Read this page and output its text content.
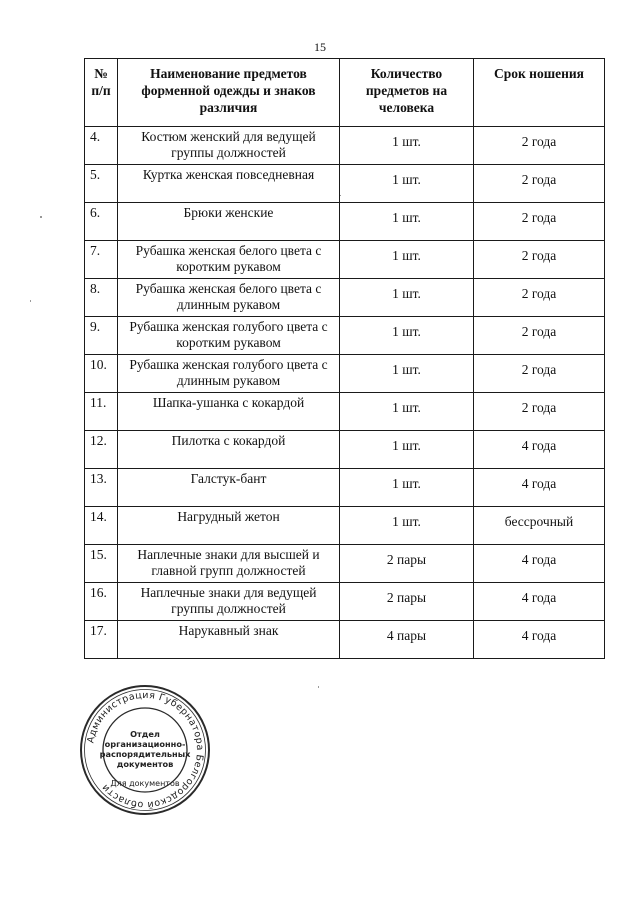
15
№ п/п	Наименование предметов форменной одежды и знаков различия	Количество предметов на человека	Срок ношения
4.	Костюм женский для ведущей группы должностей	1 шт.	2 года
5.	Куртка женская повседневная	1 шт.	2 года
6.	Брюки женские	1 шт.	2 года
7.	Рубашка женская белого цвета с коротким рукавом	1 шт.	2 года
8.	Рубашка женская белого цвета с длинным рукавом	1 шт.	2 года
9.	Рубашка женская голубого цвета с коротким рукавом	1 шт.	2 года
10.	Рубашка женская голубого цвета с длинным рукавом	1 шт.	2 года
11.	Шапка-ушанка с кокардой	1 шт.	2 года
12.	Пилотка с кокардой	1 шт.	4 года
13.	Галстук-бант	1 шт.	4 года
14.	Нагрудный жетон	1 шт.	бессрочный
15.	Наплечные знаки для высшей и главной групп должностей	2 пары	4 года
16.	Наплечные знаки для ведущей группы должностей	2 пары	4 года
17.	Нарукавный знак	4 пары	4 года
Администрация Губернатора Белгородской области
Отдел
организационно-
распорядительных
документов
Для документов
